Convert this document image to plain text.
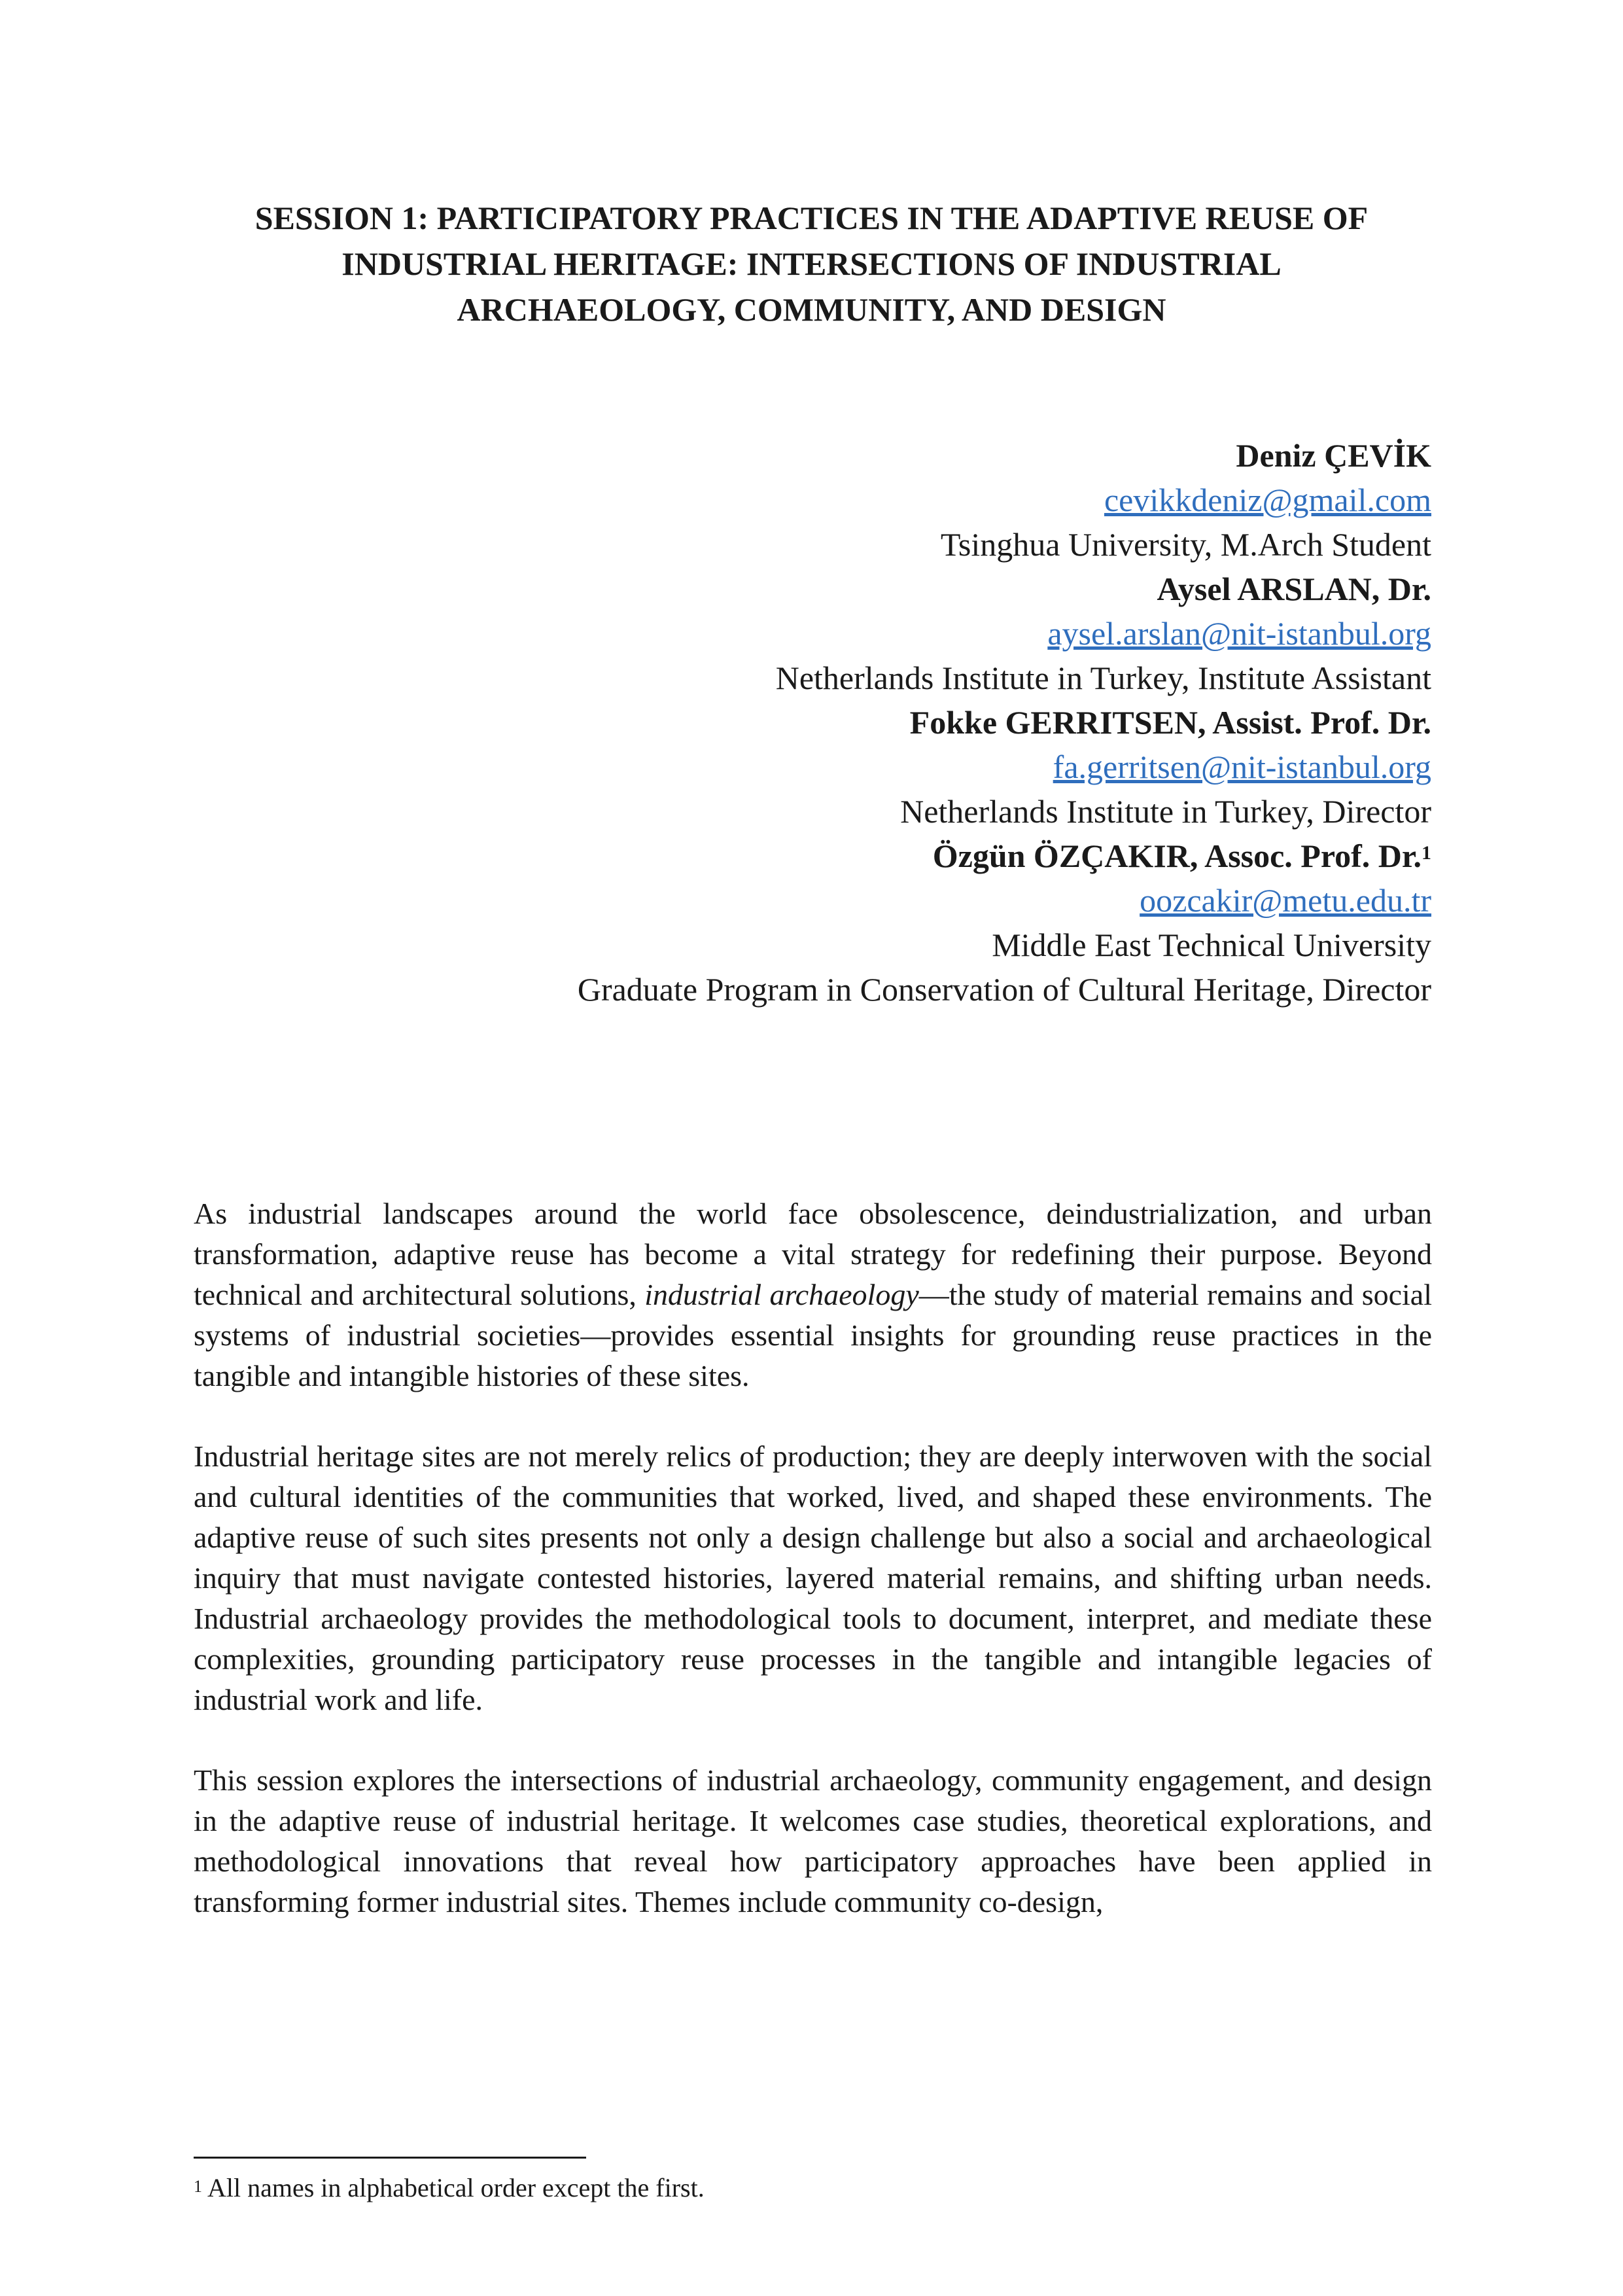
SESSION 1: PARTICIPATORY PRACTICES IN THE ADAPTIVE REUSE OF
INDUSTRIAL HERITAGE: INTERSECTIONS OF INDUSTRIAL
ARCHAEOLOGY, COMMUNITY, AND DESIGN
Deniz ÇEVİK
cevikkdeniz@gmail.com
Tsinghua University, M.Arch Student
Aysel ARSLAN, Dr.
aysel.arslan@nit-istanbul.org
Netherlands Institute in Turkey, Institute Assistant
Fokke GERRITSEN, Assist. Prof. Dr.
fa.gerritsen@nit-istanbul.org
Netherlands Institute in Turkey, Director
Özgün ÖZÇAKIR, Assoc. Prof. Dr.$^1$
oozcakir@metu.edu.tr
Middle East Technical University
Graduate Program in Conservation of Cultural Heritage, Director

As industrial landscapes around the world face obsolescence, deindustrialization, and urban transformation, adaptive reuse has become a vital strategy for redefining their purpose. Beyond technical and architectural solutions, industrial archaeology—the study of material remains and social systems of industrial societies—provides essential insights for grounding reuse practices in the tangible and intangible histories of these sites.

Industrial heritage sites are not merely relics of production; they are deeply interwoven with the social and cultural identities of the communities that worked, lived, and shaped these environments. The adaptive reuse of such sites presents not only a design challenge but also a social and archaeological inquiry that must navigate contested histories, layered material remains, and shifting urban needs. Industrial archaeology provides the methodological tools to document, interpret, and mediate these complexities, grounding participatory reuse processes in the tangible and intangible legacies of industrial work and life.

This session explores the intersections of industrial archaeology, community engagement, and design in the adaptive reuse of industrial heritage. It welcomes case studies, theoretical explorations, and methodological innovations that reveal how participatory approaches have been applied in transforming former industrial sites. Themes include community co-design,

$^1$ All names in alphabetical order except the first.
